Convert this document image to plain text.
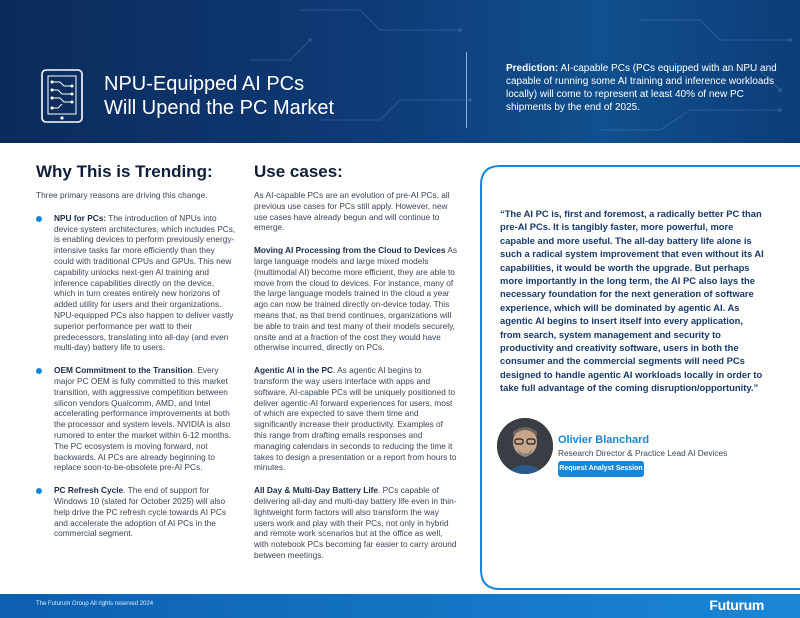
NPU-Equipped AI PCs
Will Upend the PC Market
Prediction: AI-capable PCs (PCs equipped with an NPU and capable of running some AI training and inference workloads locally) will come to represent at least 40% of new PC shipments by the end of 2025.
Why This is Trending:
Three primary reasons are driving this change.
NPU for PCs: The introduction of NPUs into device system architectures, which includes PCs, is enabling devices to perform previously energy-intensive tasks far more efficiently than they could with traditional CPUs and GPUs. This new capability unlocks next-gen AI training and inference capabilities directly on the device, which in turn creates entirely new horizons of added utility for users and their organizations. NPU-equipped PCs also happen to deliver vastly superior performance per watt to their predecessors, translating into all-day (and even multi-day) battery life to users.
OEM Commitment to the Transition. Every major PC OEM is fully committed to this market transition, with aggressive competition between silicon vendors Qualcomm, AMD, and Intel accelerating performance improvements at both the processor and system levels. NVIDIA is also rumored to enter the market within 6-12 months. The PC ecosystem is moving forward, not backwards. AI PCs are already beginning to replace soon-to-be-obsolete pre-AI PCs.
PC Refresh Cycle. The end of support for Windows 10 (slated for October 2025) will also help drive the PC refresh cycle towards AI PCs and accelerate the adoption of AI PCs in the commercial segment.
Use cases:
As AI-capable PCs are an evolution of pre-AI PCs, all previous use cases for PCs still apply. However, new use cases have already begun and will continue to emerge.
Moving AI Processing from the Cloud to Devices As large language models and large mixed models (multimodal AI) become more efficient, they are able to move from the cloud to devices. For instance, many of the large language models trained in the cloud a year ago can now be trained directly on-device today. This means that, as that trend continues, organizations will be able to train and test many of their models securely, onsite and at a fraction of the cost they would have otherwise incurred, directly on PCs.
Agentic AI in the PC. As agentic AI begins to transform the way users interface with apps and software, AI-capable PCs will be uniquely positioned to deliver agentic-AI forward experiences for users, most of which are expected to save them time and significantly increase their productivity. Examples of this range from drafting emails responses and managing calendars in seconds to reducing the time it takes to design a presentation or a report from hours to minutes.
All Day & Multi-Day Battery Life. PCs capable of delivering all-day and multi-day battery life even in thin-lightweight form factors will also transform the way users work and play with their PCs, not only in hybrid and remote work scenarios but at the office as well, with notebook PCs becoming far easier to carry around between meetings.
“The AI PC is, first and foremost, a radically better PC than pre-AI PCs. It is tangibly faster, more powerful, more capable and more useful. The all-day battery life alone is such a radical system improvement that even without its AI capabilities, it would be worth the upgrade. But perhaps more importantly in the long term, the AI PC also lays the necessary foundation for the next generation of software experience, which will be dominated by agentic AI. As agentic AI begins to insert itself into every application, from search, system management and security to productivity and creativity software, users in both the consumer and the commercial segments will need PCs designed to handle agentic AI workloads locally in order to take full advantage of the coming disruption/opportunity.”
Olivier Blanchard
Research Director & Practice Lead AI Devices
Request Analyst Session
The Futurum Group All rights reserved 2024	Futurum
